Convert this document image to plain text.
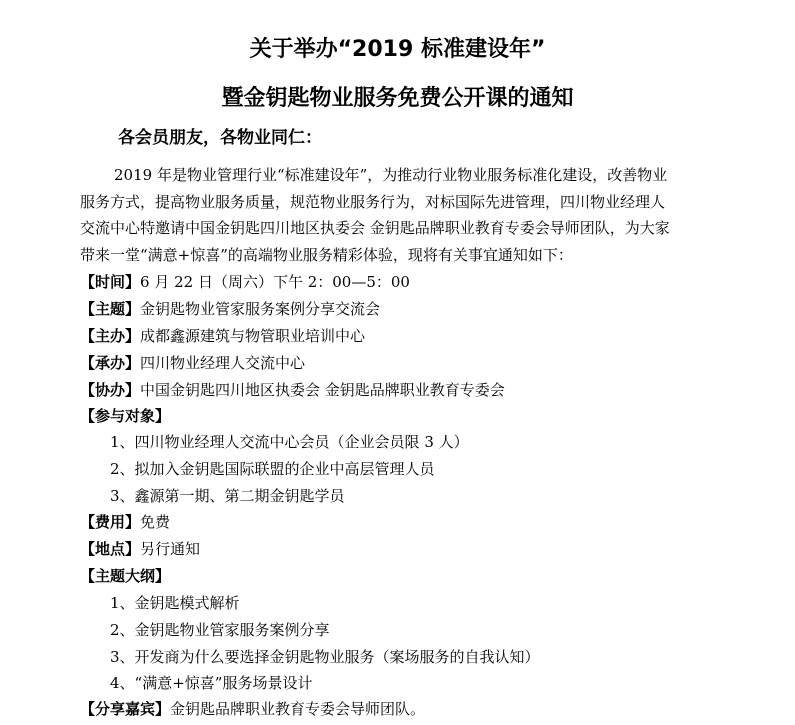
关于举办“2019 标准建设年”
暨金钥匙物业服务免费公开课的通知
各会员朋友，各物业同仁：
2019 年是物业管理行业“标准建设年”，为推动行业物业服务标准化建设，改善物业
服务方式，提高物业服务质量，规范物业服务行为，对标国际先进管理，四川物业经理人
交流中心特邀请中国金钥匙四川地区执委会 金钥匙品牌职业教育专委会导师团队，为大家
带来一堂“满意+惊喜”的高端物业服务精彩体验，现将有关事宜通知如下：
【时间】6 月 22 日（周六）下午 2：00—5：00
【主题】金钥匙物业管家服务案例分享交流会
【主办】成都鑫源建筑与物管职业培训中心
【承办】四川物业经理人交流中心
【协办】中国金钥匙四川地区执委会 金钥匙品牌职业教育专委会
【参与对象】
1、四川物业经理人交流中心会员（企业会员限 3 人）
2、拟加入金钥匙国际联盟的企业中高层管理人员
3、鑫源第一期、第二期金钥匙学员
【费用】免费
【地点】另行通知
【主题大纲】
1、金钥匙模式解析
2、金钥匙物业管家服务案例分享
3、开发商为什么要选择金钥匙物业服务（案场服务的自我认知）
4、“满意+惊喜”服务场景设计
【分享嘉宾】金钥匙品牌职业教育专委会导师团队。
